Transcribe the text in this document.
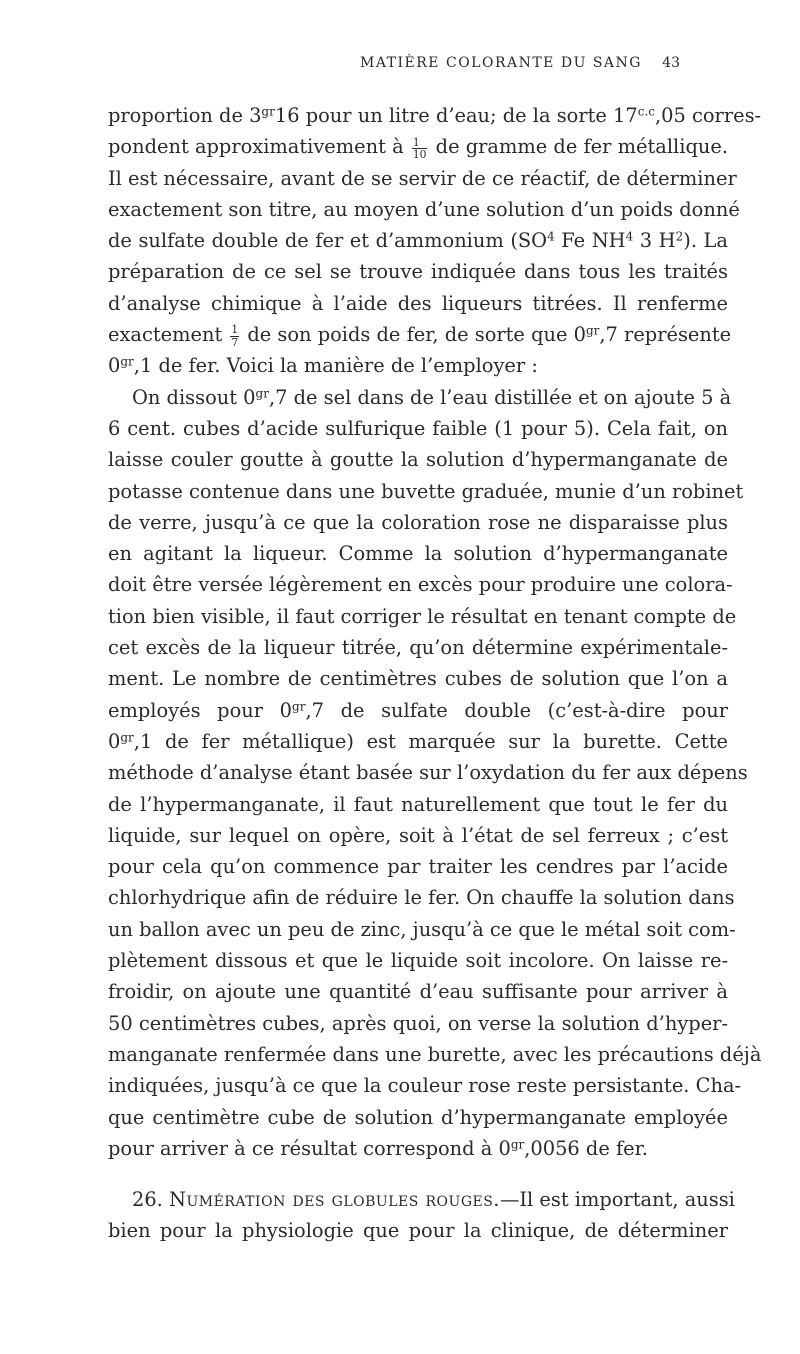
MATIÈRE COLORANTE DU SANG 43
proportion de $3^{gr}16$ pour un litre d’eau; de la sorte $17^{c.c},05$ corres-
pondent approximativement à $\frac{1}{10}$ de gramme de fer métallique.
Il est nécessaire, avant de se servir de ce réactif, de déterminer
exactement son titre, au moyen d’une solution d’un poids donné
de sulfate double de fer et d’ammonium ($SO^4$ Fe $NH^4$ 3 $H^2$). La
préparation de ce sel se trouve indiquée dans tous les traités
d’analyse chimique à l’aide des liqueurs titrées. Il renferme
exactement $\frac{1}{7}$ de son poids de fer, de sorte que $0^{gr},7$ représente
$0^{gr},1$ de fer. Voici la manière de l’employer :
On dissout $0^{gr},7$ de sel dans de l’eau distillée et on ajoute 5 à
6 cent. cubes d’acide sulfurique faible (1 pour 5). Cela fait, on
laisse couler goutte à goutte la solution d’hypermanganate de
potasse contenue dans une buvette graduée, munie d’un robinet
de verre, jusqu’à ce que la coloration rose ne disparaisse plus
en agitant la liqueur. Comme la solution d’hypermanganate
doit être versée légèrement en excès pour produire une colora-
tion bien visible, il faut corriger le résultat en tenant compte de
cet excès de la liqueur titrée, qu’on détermine expérimentale-
ment. Le nombre de centimètres cubes de solution que l’on a
employés pour $0^{gr},7$ de sulfate double (c’est-à-dire pour
$0^{gr},1$ de fer métallique) est marquée sur la burette. Cette
méthode d’analyse étant basée sur l’oxydation du fer aux dépens
de l’hypermanganate, il faut naturellement que tout le fer du
liquide, sur lequel on opère, soit à l’état de sel ferreux ; c’est
pour cela qu’on commence par traiter les cendres par l’acide
chlorhydrique afin de réduire le fer. On chauffe la solution dans
un ballon avec un peu de zinc, jusqu’à ce que le métal soit com-
plètement dissous et que le liquide soit incolore. On laisse re-
froidir, on ajoute une quantité d’eau suffisante pour arriver à
50 centimètres cubes, après quoi, on verse la solution d’hyper-
manganate renfermée dans une burette, avec les précautions déjà
indiquées, jusqu’à ce que la couleur rose reste persistante. Cha-
que centimètre cube de solution d’hypermanganate employée
pour arriver à ce résultat correspond à $0^{gr},0056$ de fer.
26. Numération des globules rouges.—Il est important, aussi
bien pour la physiologie que pour la clinique, de déterminer
